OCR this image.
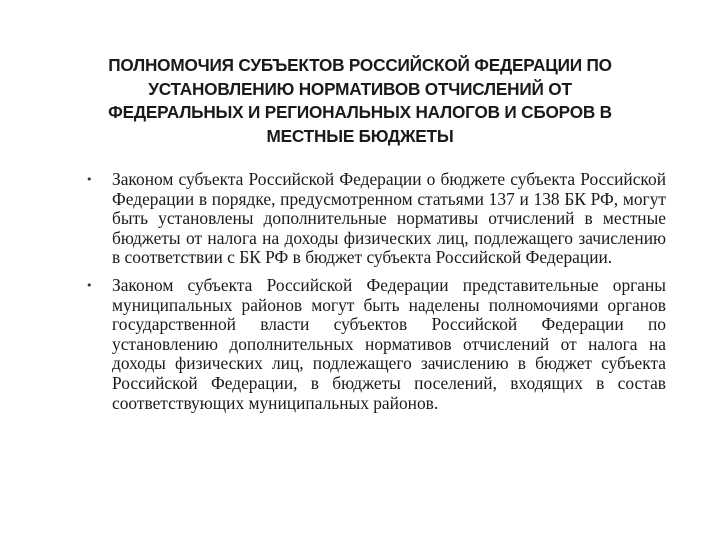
ПОЛНОМОЧИЯ СУБЪЕКТОВ РОССИЙСКОЙ ФЕДЕРАЦИИ ПО
УСТАНОВЛЕНИЮ НОРМАТИВОВ ОТЧИСЛЕНИЙ ОТ
ФЕДЕРАЛЬНЫХ И РЕГИОНАЛЬНЫХ НАЛОГОВ И СБОРОВ В
МЕСТНЫЕ БЮДЖЕТЫ
• Законом субъекта Российской Федерации о бюджете субъекта Российской Федерации в порядке, предусмотренном статьями 137 и 138 БК РФ, могут быть установлены дополнительные нормативы отчислений в местные бюджеты от налога на доходы физических лиц, подлежащего зачислению в соответствии с БК РФ в бюджет субъекта Российской Федерации.
• Законом субъекта Российской Федерации представительные органы муниципальных районов могут быть наделены полномочиями органов государственной власти субъектов Российской Федерации по установлению дополнительных нормативов отчислений от налога на доходы физических лиц, подлежащего зачислению в бюджет субъекта Российской Федерации, в бюджеты поселений, входящих в состав соответствующих муниципальных районов.
